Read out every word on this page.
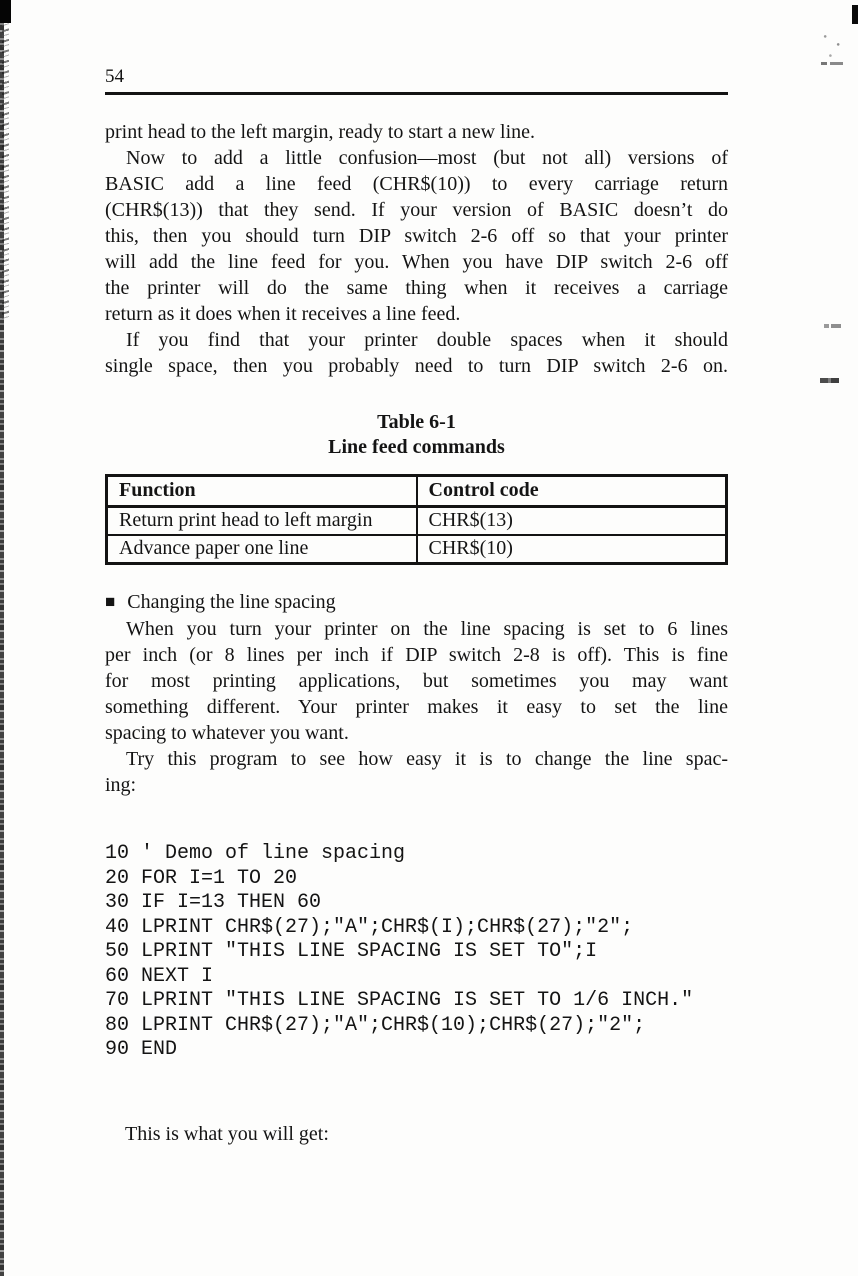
54
print head to the left margin, ready to start a new line.
Now to add a little confusion—most (but not all) versions of
BASIC add a line feed (CHR$(10)) to every carriage return
(CHR$(13)) that they send. If your version of BASIC doesn’t do
this, then you should turn DIP switch 2-6 off so that your printer
will add the line feed for you. When you have DIP switch 2-6 off
the printer will do the same thing when it receives a carriage
return as it does when it receives a line feed.
If you find that your printer double spaces when it should
single space, then you probably need to turn DIP switch 2-6 on.
Table 6-1
Line feed commands
Function	Control code
Return print head to left margin	CHR$(13)
Advance paper one line	CHR$(10)
■ Changing the line spacing
When you turn your printer on the line spacing is set to 6 lines
per inch (or 8 lines per inch if DIP switch 2-8 is off). This is fine
for most printing applications, but sometimes you may want
something different. Your printer makes it easy to set the line
spacing to whatever you want.
Try this program to see how easy it is to change the line spac-
ing:
10 ' Demo of line spacing
20 FOR I=1 TO 20
30 IF I=13 THEN 60
40 LPRINT CHR$(27);"A";CHR$(I);CHR$(27);"2";
50 LPRINT "THIS LINE SPACING IS SET TO";I
60 NEXT I
70 LPRINT "THIS LINE SPACING IS SET TO 1/6 INCH."
80 LPRINT CHR$(27);"A";CHR$(10);CHR$(27);"2";
90 END

This is what you will get:
